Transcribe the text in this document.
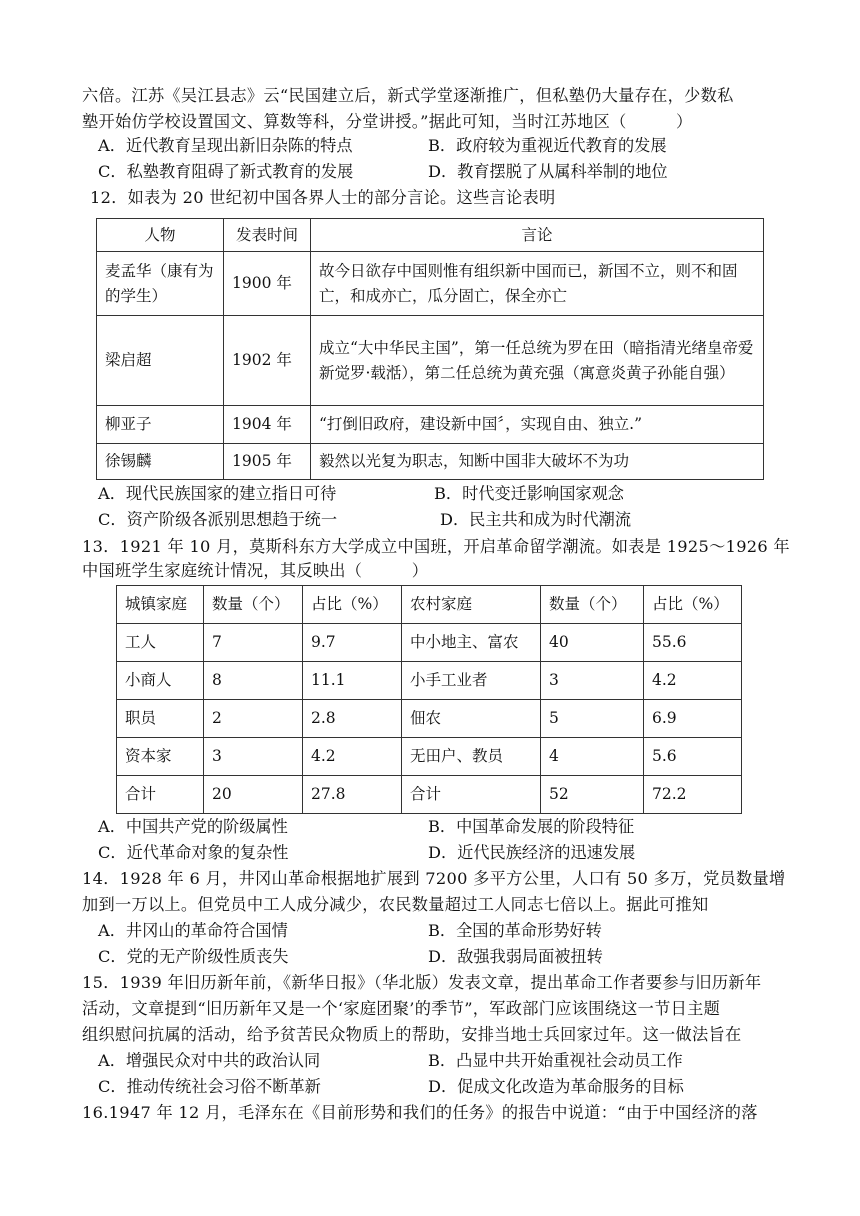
六倍。江苏《吴江县志》云“民国建立后，新式学堂逐渐推广，但私塾仍大量存在，少数私
塾开始仿学校设置国文、算数等科，分堂讲授。”据此可知，当时江苏地区（　　　）
A．近代教育呈现出新旧杂陈的特点	B．政府较为重视近代教育的发展
C．私塾教育阻碍了新式教育的发展	D．教育摆脱了从属科举制的地位
12．如表为 20 世纪初中国各界人士的部分言论。这些言论表明
人物	发表时间	言论
麦孟华（康有为的学生）	1900 年	故今日欲存中国则惟有组织新中国而已，新国不立，则不和固亡，和成亦亡，瓜分固亡，保全亦亡
梁启超	1902 年	成立“大中华民主国”，第一任总统为罗在田（暗指清光绪皇帝爱新觉罗·载湉），第二任总统为黄充强（寓意炎黄子孙能自强）
柳亚子	1904 年	“打倒旧政府，建设新中国〞，实现自由、独立.”
徐锡麟	1905 年	毅然以光复为职志，知断中国非大破坏不为功
A．现代民族国家的建立指日可待	B．时代变迁影响国家观念
C．资产阶级各派别思想趋于统一	D．民主共和成为时代潮流
13．1921 年 10 月，莫斯科东方大学成立中国班，开启革命留学潮流。如表是 1925～1926 年
中国班学生家庭统计情况，其反映出（　　　）
城镇家庭	数量（个）	占比（%）	农村家庭	数量（个）	占比（%）
工人	7	9.7	中小地主、富农	40	55.6
小商人	8	11.1	小手工业者	3	4.2
职员	2	2.8	佃农	5	6.9
资本家	3	4.2	无田户、教员	4	5.6
合计	20	27.8	合计	52	72.2
A．中国共产党的阶级属性	B．中国革命发展的阶段特征
C．近代革命对象的复杂性	D．近代民族经济的迅速发展
14．1928 年 6 月，井冈山革命根据地扩展到 7200 多平方公里，人口有 50 多万，党员数量增
加到一万以上。但党员中工人成分减少，农民数量超过工人同志七倍以上。据此可推知
A．井冈山的革命符合国情	B．全国的革命形势好转
C．党的无产阶级性质丧失	D．敌强我弱局面被扭转
15．1939 年旧历新年前，《新华日报》（华北版）发表文章，提出革命工作者要参与旧历新年
活动，文章提到“旧历新年又是一个‘家庭团聚’的季节”，军政部门应该围绕这一节日主题
组织慰问抗属的活动，给予贫苦民众物质上的帮助，安排当地士兵回家过年。这一做法旨在
A．增强民众对中共的政治认同	B．凸显中共开始重视社会动员工作
C．推动传统社会习俗不断革新	D．促成文化改造为革命服务的目标
16.1947 年 12 月，毛泽东在《目前形势和我们的任务》的报告中说道：“由于中国经济的落
